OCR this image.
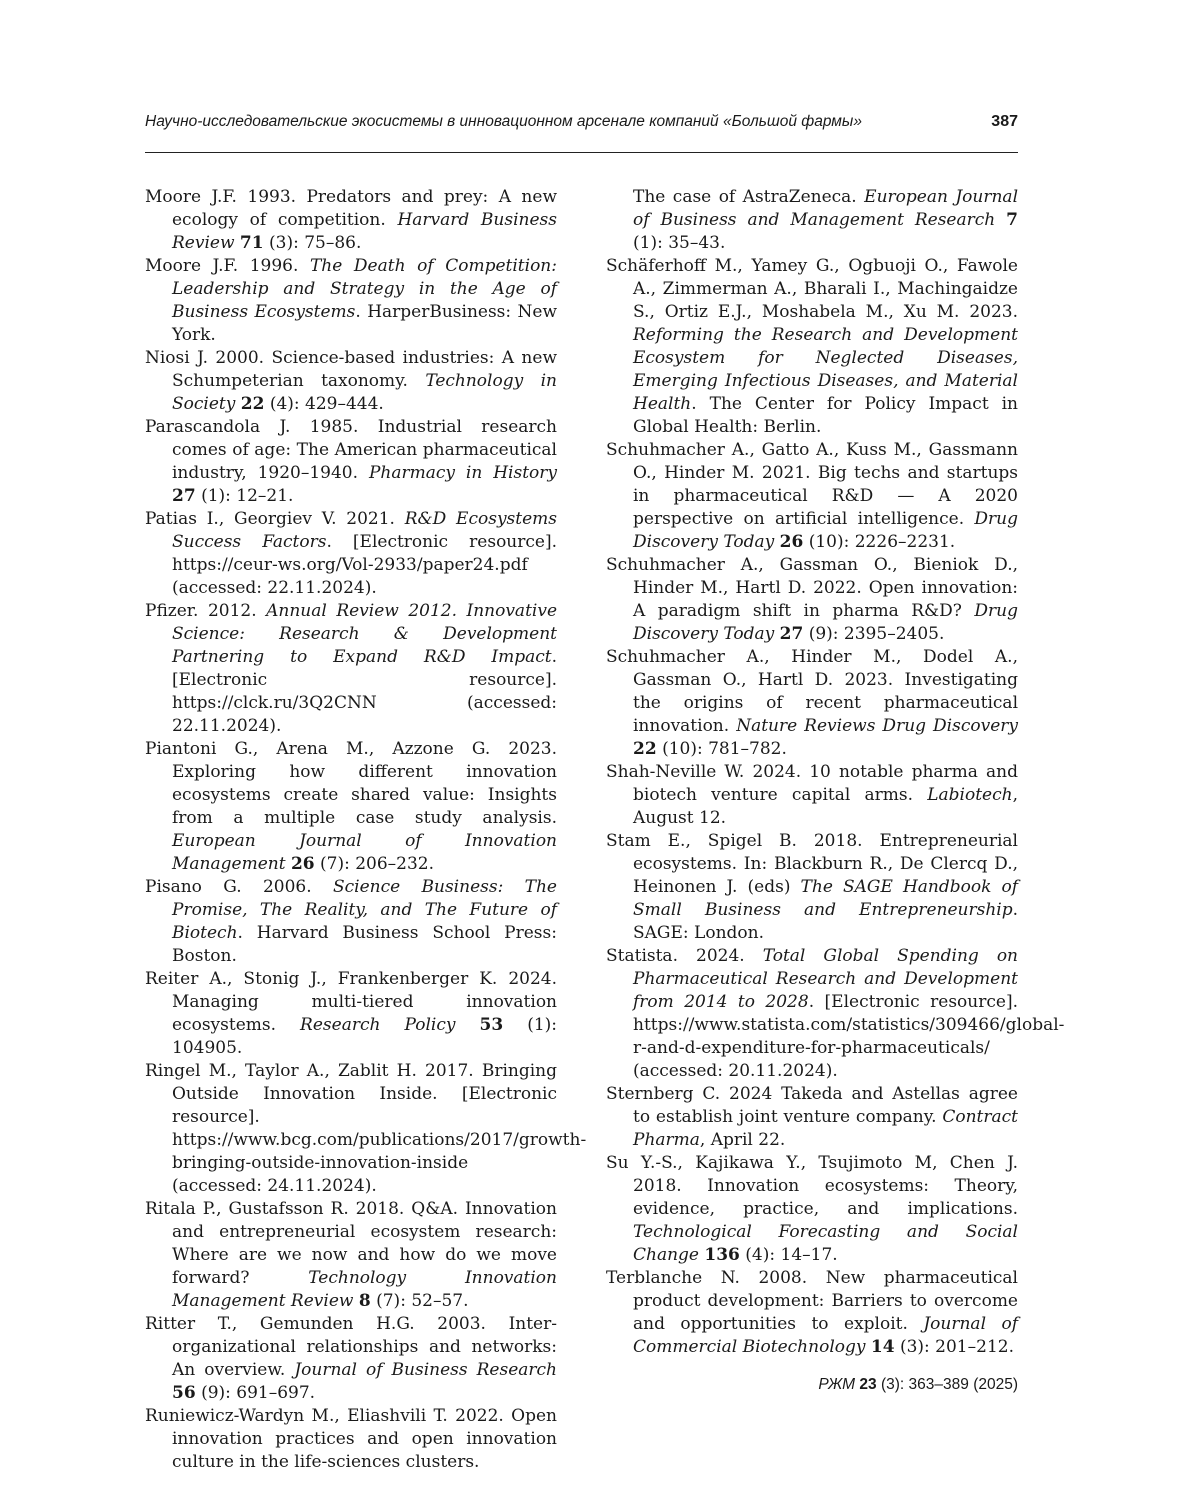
Научно-исследовательские экосистемы в инновационном арсенале компаний «Большой фармы»	387

Moore J.F. 1993. Predators and prey: A new ecology of competition. Harvard Business Review 71 (3): 75–86.

Moore J.F. 1996. The Death of Competition: Leadership and Strategy in the Age of Business Ecosystems. HarperBusiness: New York.

Niosi J. 2000. Science-based industries: A new Schumpeterian taxonomy. Technology in Society 22 (4): 429–444.

Parascandola J. 1985. Industrial research comes of age: The American pharmaceutical industry, 1920–1940. Pharmacy in History 27 (1): 12–21.

Patias I., Georgiev V. 2021. R&D Ecosystems Success Factors. [Electronic resource]. https://ceur-ws.org/Vol-2933/paper24.pdf (accessed: 22.11.2024).

Pfizer. 2012. Annual Review 2012. Innovative Science: Research & Development Partnering to Expand R&D Impact. [Electronic resource]. https://clck.ru/3Q2CNN (accessed: 22.11.2024).

Piantoni G., Arena M., Azzone G. 2023. Exploring how different innovation ecosystems create shared value: Insights from a multiple case study analysis. European Journal of Innovation Management 26 (7): 206–232.

Pisano G. 2006. Science Business: The Promise, The Reality, and The Future of Biotech. Harvard Business School Press: Boston.

Reiter A., Stonig J., Frankenberger K. 2024. Managing multi-tiered innovation ecosystems. Research Policy 53 (1): 104905.

Ringel M., Taylor A., Zablit H. 2017. Bringing Outside Innovation Inside. [Electronic resource]. https://www.bcg.com/publications/2017/growth-bringing-outside-innovation-inside (accessed: 24.11.2024).

Ritala P., Gustafsson R. 2018. Q&A. Innovation and entrepreneurial ecosystem research: Where are we now and how do we move forward? Technology Innovation Management Review 8 (7): 52–57.

Ritter T., Gemunden H.G. 2003. Inter-organizational relationships and networks: An overview. Journal of Business Research 56 (9): 691–697.

Runiewicz-Wardyn M., Eliashvili T. 2022. Open innovation practices and open innovation culture in the life-sciences clusters.

The case of AstraZeneca. European Journal of Business and Management Research 7 (1): 35–43.

Schäferhoff M., Yamey G., Ogbuoji O., Fawole A., Zimmerman A., Bharali I., Machingaidze S., Ortiz E.J., Moshabela M., Xu M. 2023. Reforming the Research and Development Ecosystem for Neglected Diseases, Emerging Infectious Diseases, and Material Health. The Center for Policy Impact in Global Health: Berlin.

Schuhmacher A., Gatto A., Kuss M., Gassmann O., Hinder M. 2021. Big techs and startups in pharmaceutical R&D — A 2020 perspective on artificial intelligence. Drug Discovery Today 26 (10): 2226–2231.

Schuhmacher A., Gassman O., Bieniok D., Hinder M., Hartl D. 2022. Open innovation: A paradigm shift in pharma R&D? Drug Discovery Today 27 (9): 2395–2405.

Schuhmacher A., Hinder M., Dodel A., Gassman O., Hartl D. 2023. Investigating the origins of recent pharmaceutical innovation. Nature Reviews Drug Discovery 22 (10): 781–782.

Shah-Neville W. 2024. 10 notable pharma and biotech venture capital arms. Labiotech, August 12.

Stam E., Spigel B. 2018. Entrepreneurial ecosystems. In: Blackburn R., De Clercq D., Heinonen J. (eds) The SAGE Handbook of Small Business and Entrepreneurship. SAGE: London.

Statista. 2024. Total Global Spending on Pharmaceutical Research and Development from 2014 to 2028. [Electronic resource]. https://www.statista.com/statistics/309466/global-r-and-d-expenditure-for-pharmaceuticals/ (accessed: 20.11.2024).

Sternberg C. 2024 Takeda and Astellas agree to establish joint venture company. Contract Pharma, April 22.

Su Y.-S., Kajikawa Y., Tsujimoto M, Chen J. 2018. Innovation ecosystems: Theory, evidence, practice, and implications. Technological Forecasting and Social Change 136 (4): 14–17.

Terblanche N. 2008. New pharmaceutical product development: Barriers to overcome and opportunities to exploit. Journal of Commercial Biotechnology 14 (3): 201–212.

РЖМ 23 (3): 363–389 (2025)
